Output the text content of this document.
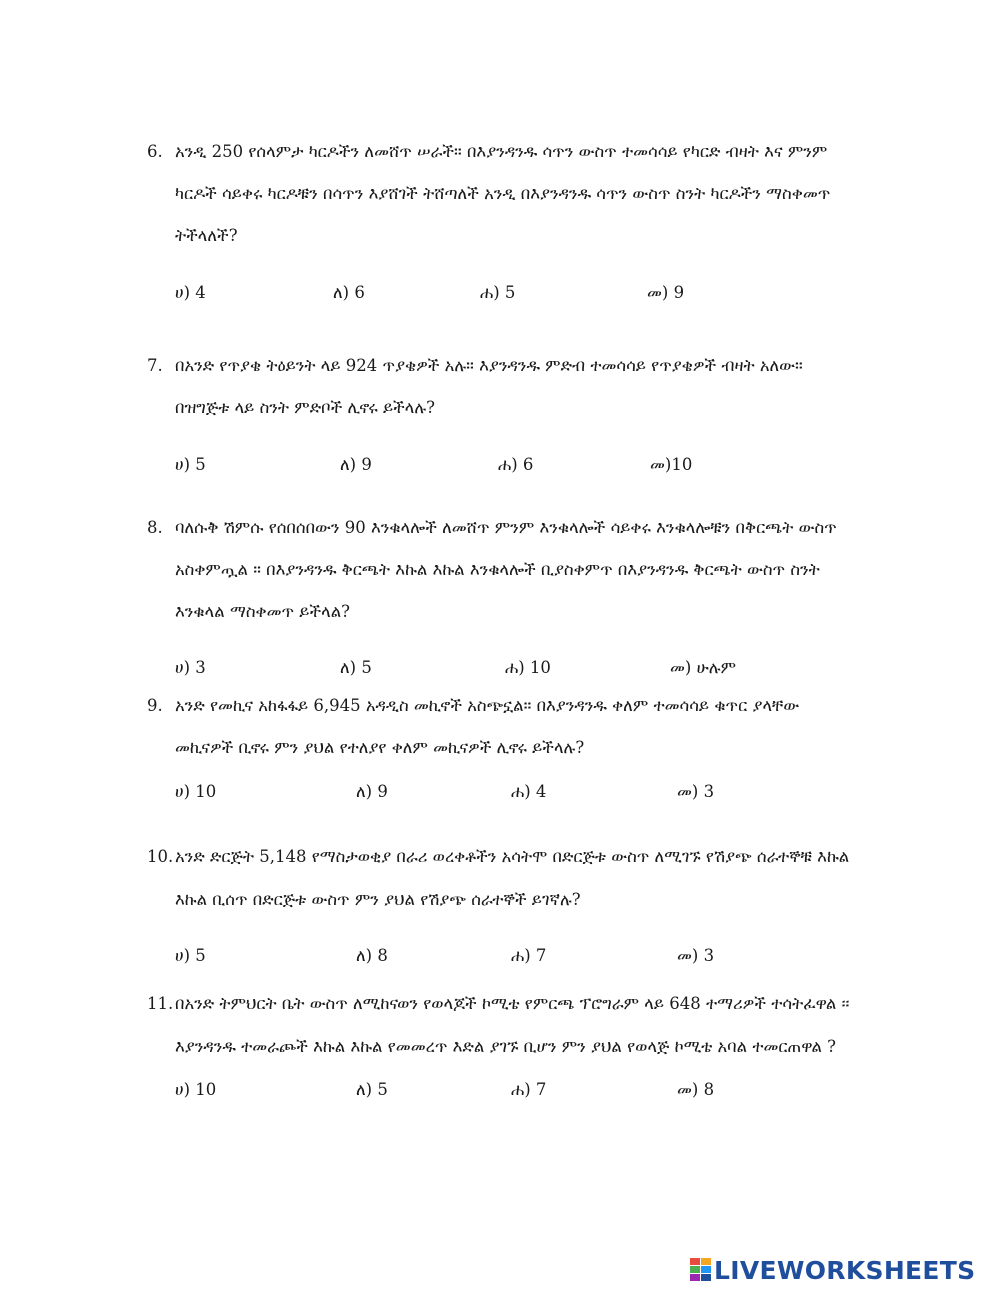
6. አንዲ 250 የሰላምታ ካርዶችን ለመሸጥ ሠራች። በእያንዳንዱ ሳጥን ውስጥ ተመሳሳይ የካርድ ብዛት እና ምንም
ካርዶች ሳይቀሩ ካርዶቹን በሳጥን እያሸገች ትሸጣለች አንዲ በእያንዳንዱ ሳጥን ውስጥ ስንት ካርዶችን ማስቀመጥ
ትችላለች?
ሀ) 4	ለ) 6	ሐ) 5	መ) 9
7. በአንድ የጥያቄ ትዕይንት ላይ 924 ጥያቄዎች አሉ። እያንዳንዱ ምድብ ተመሳሳይ የጥያቄዎች ብዛት አለው።
በዝግጅቱ ላይ ስንት ምድቦች ሊኖሩ ይችላሉ?
ሀ) 5	ለ) 9	ሐ) 6	መ)10
8. ባለሱቅ ሽምሱ የሰበሰበውን 90 እንቁላሎች ለመሸጥ ምንም እንቁላሎች ሳይቀሩ እንቁላሎቹን በቅርጫት ውስጥ
አስቀምጧል ። በእያንዳንዱ ቅርጫት እኩል እኩል እንቁላሎች ቢያስቀምጥ በእያንዳንዱ ቅርጫት ውስጥ ስንት
እንቁላል ማስቀመጥ ይችላል?
ሀ) 3	ለ) 5	ሐ) 10	መ) ሁሉም
9. አንድ የመኪና አከፋፋይ 6,945 አዳዲስ መኪኖች አስጭኗል። በእያንዳንዱ ቀለም ተመሳሳይ ቁጥር ያላቸው
መኪናዎች ቢኖሩ ምን ያህል የተለያየ ቀለም መኪናዎች ሊኖሩ ይችላሉ?
ሀ) 10	ለ) 9	ሐ) 4	መ) 3
10. አንድ ድርጅት 5,148 የማስታወቂያ በራሪ ወረቀቶችን አሳትሞ በድርጅቱ ውስጥ ለሚገኙ የሽያጭ ሰራተኞቹ እኩል
እኩል ቢሰጥ በድርጅቱ ውስጥ ምን ያህል የሽያጭ ሰራተኞች ይገኛሉ?
ሀ) 5	ለ) 8	ሐ) 7	መ) 3
11. በአንድ ትምህርት ቤት ውስጥ ለሚከናወን የወላጆች ኮሚቴ የምርጫ ፕሮግራም ላይ 648 ተማሪዎች ተሳትፈዋል ፡፡
እያንዳንዱ ተመራጮች እኩል እኩል የመመረጥ እድል ያገኙ ቢሆን ምን ያህል የወላጅ ኮሚቴ አባል ተመርጠዋል ?
ሀ) 10	ለ) 5	ሐ) 7	መ) 8
LIVEWORKSHEETS
